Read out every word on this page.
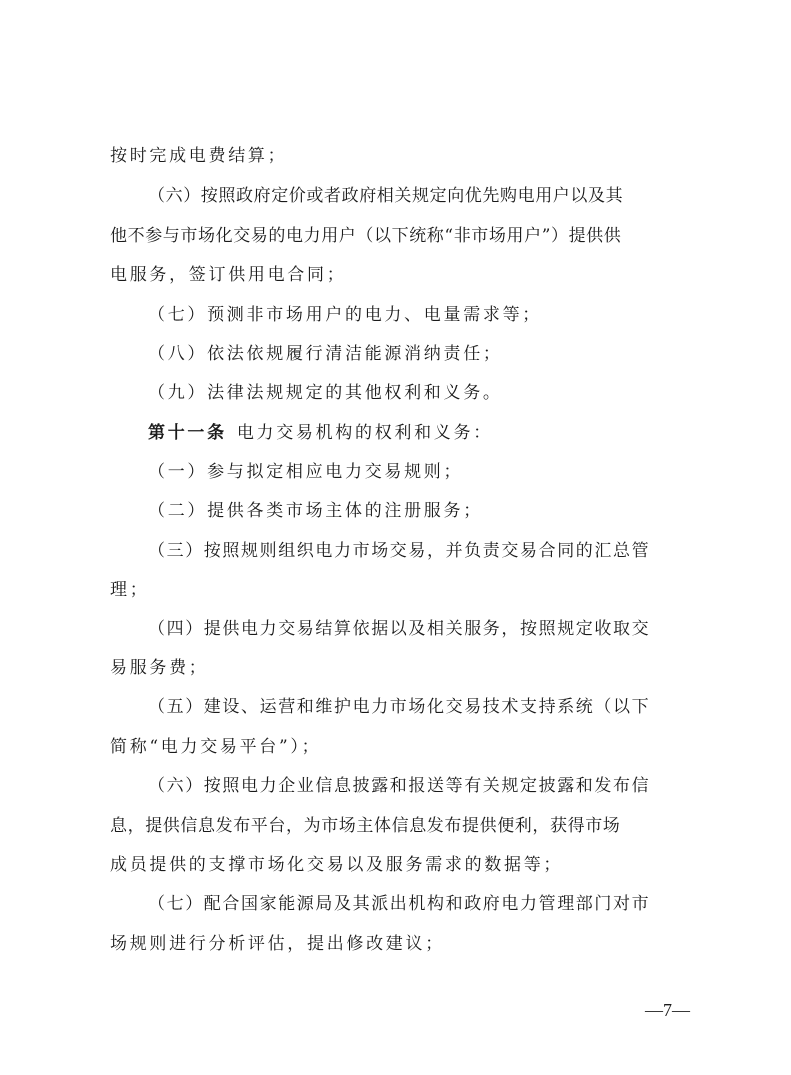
按时完成电费结算；
（六）按照政府定价或者政府相关规定向优先购电用户以及其
他不参与市场化交易的电力用户（以下统称“非市场用户”）提供供
电服务，签订供用电合同；
（七）预测非市场用户的电力、电量需求等；
（八）依法依规履行清洁能源消纳责任；
（九）法律法规规定的其他权利和义务。
第十一条 电力交易机构的权利和义务：
（一）参与拟定相应电力交易规则；
（二）提供各类市场主体的注册服务；
（三）按照规则组织电力市场交易，并负责交易合同的汇总管
理；
（四）提供电力交易结算依据以及相关服务，按照规定收取交
易服务费；
（五）建设、运营和维护电力市场化交易技术支持系统（以下
简称“电力交易平台”）；
（六）按照电力企业信息披露和报送等有关规定披露和发布信
息，提供信息发布平台，为市场主体信息发布提供便利，获得市场
成员提供的支撑市场化交易以及服务需求的数据等；
（七）配合国家能源局及其派出机构和政府电力管理部门对市
场规则进行分析评估，提出修改建议；
—7—
